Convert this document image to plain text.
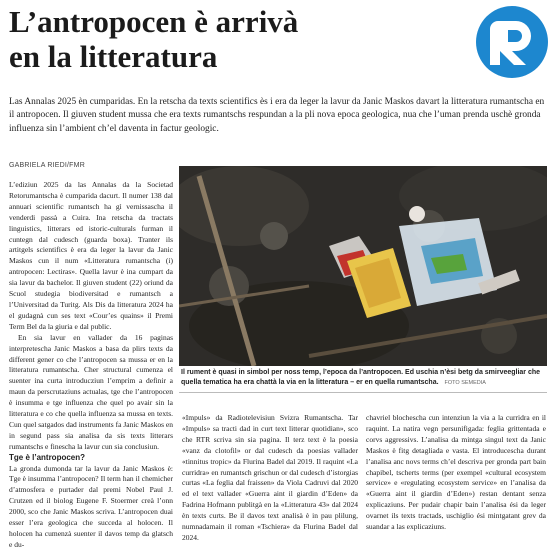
L’antropocen è arrivà
en la litteratura

Las Annalas 2025 èn cumparidas. En la retscha da texts scientifics ès i era da leger la lavur da Janic Maskos davart la litteratura rumantscha en il antropocen. Il giuven student mussa che era texts rumantschs respundan a la pli nova epoca geologica, nua che l’uman prenda uschè gronda influenza sin l’ambient ch’el daventa in factur geologic.

GABRIELA RIEDI/FMR

L’ediziun 2025 da las Annalas da la Societad Retorumantscha è cumparida dacurt. Il numer 138 dal annuari scientific rumantsch ha gì vernissascha il venderdi passà a Cuira. Ina retscha da tractats linguistics, litterars ed istoric-culturals furman il cuntegn dal cudesch (guarda boxa). Tranter ils artitgels scientifics è era da leger la lavur da Janic Maskos cun il num «Litteratura rumantscha (i) antropocen: Lectiras». Quella lavur è ina cumpart da sia lavur da bachelor. Il giuven student (22) oriund da Scuol studegia biodiversitad e rumantsch a l’Universitad da Turitg. Als Dis da litteratura 2024 ha el gudagnà cun ses text «Cour’es quains» il Premi Term Bel da la giuria e dal public.

En sia lavur en vallader da 16 paginas interpretescha Janic Maskos a basa da plirs texts da different gener co che l’antropocen sa mussa er en la litteratura rumantscha. Cher structural cumenza el suenter ina curta introducziun l’emprim a definir a maun da perscrutaziuns actualas, tge che l’antropocen è insumma e tge influenza che quel po avair sin la litteratura e co che quella influenza sa mussa en texts. Cun quel satgados dad instruments fa Janic Maskos en in segund pass sia analisa da sis texts litterars rumantschs e finescha la lavur cun sia conclusiun.

Tge è l’antropocen?

La gronda dumonda tar la lavur da Janic Maskos è: Tge è insumma l’antropocen? Il term han il chemicher d’atmosfera e purtader dal premi Nobel Paul J. Crutzen ed il biolog Eugene F. Stoermer creà l’onn 2000, sco che Janic Maskos scriva. L’antropocen duai esser l’era geologica che succeda al holocen. Il holocen ha cumenzà suenter il davos temp da glatsch e du-

Il rument è quasi in simbol per noss temp, l’epoca da l’antropocen. Ed uschia n’èsi betg da smirveegliar che quella tematica ha era chattà la via en la litteratura – er en quella rumantscha. FOTO SEMEDIA

«Impuls» da Radiotelevisiun Svizra Rumantscha. Tar «Impuls» sa tracti dad in curt text litterar quotidian», sco che RTR scriva sin sia pagina. Il terz text è la poesia «vanz da clotofil» or dal cudesch da poesias vallader «tinnitus tropic» da Flurina Badel dal 2019. Il raquint «La curridra» en rumantsch grischun or dal cudesch d’istorgias curtas «La feglia dal fraissen» da Viola Cadruvi dal 2020 ed el text vallader «Guerra aint il giardin d’Eden» da Fadrina Hofmann publitgà en la «Litteratura 43» dal 2024 èn texts curts. Be il davos text analisà è in pau plilung, numnadamain il roman «Tschiera» da Flurina Badel dal 2024.

chavriel blochescha cun intenziun la via a la curridra en il raquint. La natira vegn persunifigada: feglia grittentada e corvs aggressivs. L’analisa da mintga singul text da Janic Maskos è fitg detagliada e vasta. El introducescha durant l’analisa anc novs terms ch’el descriva per gronda part bain chapibel, tscherts terms (per exempel «cultural ecosystem service» e «regulating ecosystem service» en l’analisa da «Guerra aint il giardin d’Eden») restan dentant senza explicaziuns. Per pudair chapir bain l’analisa ési da leger ovarnet ils texts tractads, uschiglio ési mintgatant grev da suandar a las explicaziuns.
